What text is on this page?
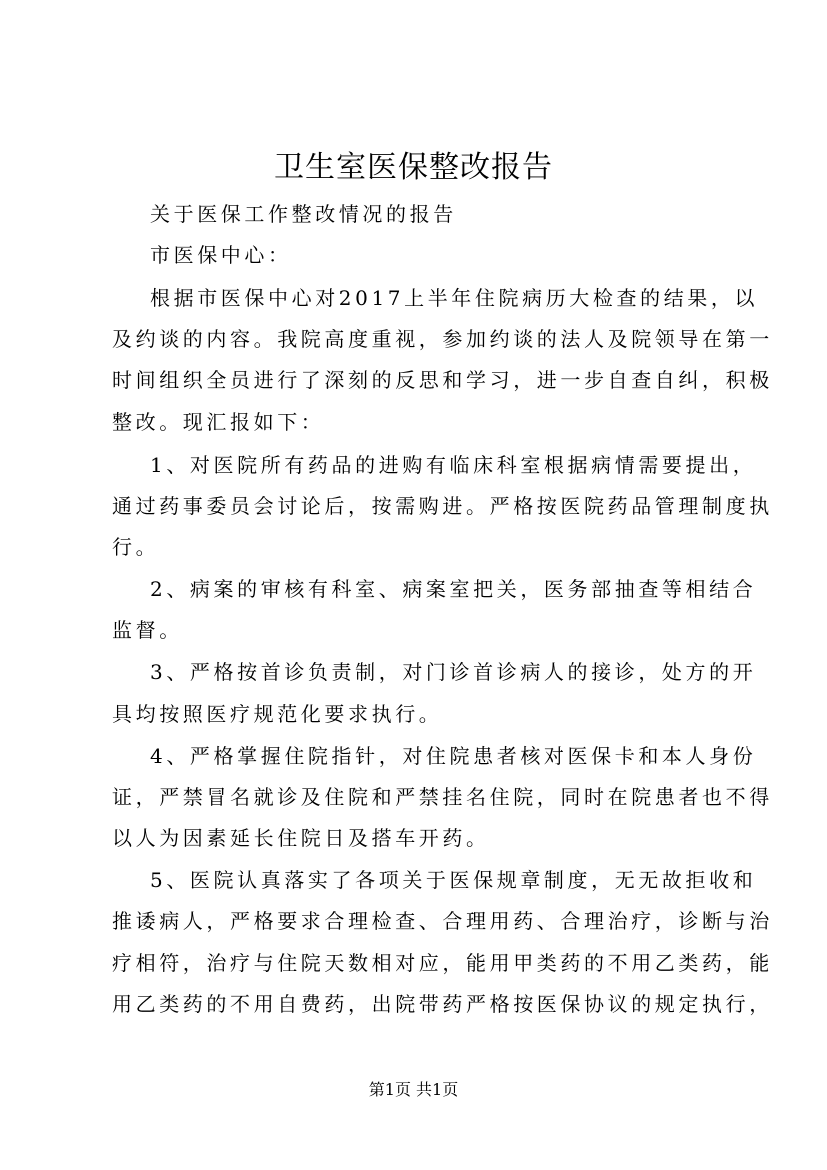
卫生室医保整改报告
关于医保工作整改情况的报告
市医保中心：
根据市医保中心对2017上半年住院病历大检查的结果，以
及约谈的内容。我院高度重视，参加约谈的法人及院领导在第一
时间组织全员进行了深刻的反思和学习，进一步自查自纠，积极
整改。现汇报如下：
1、对医院所有药品的进购有临床科室根据病情需要提出，
通过药事委员会讨论后，按需购进。严格按医院药品管理制度执
行。
2、病案的审核有科室、病案室把关，医务部抽查等相结合
监督。
3、严格按首诊负责制，对门诊首诊病人的接诊，处方的开
具均按照医疗规范化要求执行。
4、严格掌握住院指针，对住院患者核对医保卡和本人身份
证，严禁冒名就诊及住院和严禁挂名住院，同时在院患者也不得
以人为因素延长住院日及搭车开药。
5、医院认真落实了各项关于医保规章制度，无无故拒收和
推诿病人，严格要求合理检查、合理用药、合理治疗，诊断与治
疗相符，治疗与住院天数相对应，能用甲类药的不用乙类药，能
用乙类药的不用自费药，出院带药严格按医保协议的规定执行，
第1页 共1页
